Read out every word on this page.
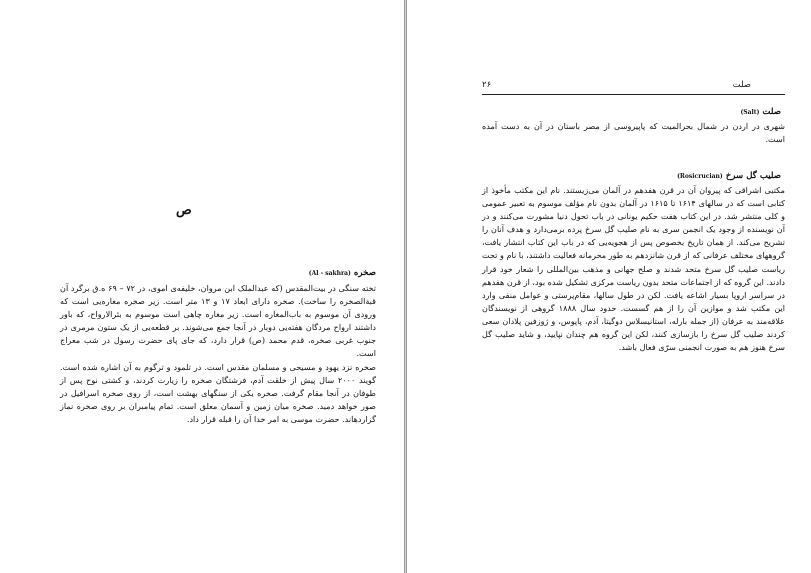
ص
صخره (Al - sakhra)

تخته سنگی در بیت‌المقدس (که عبدالملک ابن مروان، خلیفه‌ی اموی، در ۷۲ – ۶۹ ه.ق برگرد آن قبةالصخره را ساخت). صخره دارای ابعاد ۱۷ و ۱۳ متر است. زیر صخره مغاره‌یی است که ورودی آن موسوم به باب‌المغاره است. زیر مغاره چاهی است موسوم به بئرالارواح، که باور داشتند ارواح مردگان هفته‌یی دوبار در آنجا جمع می‌شوند. بر قطعه‌یی از یک ستون مرمری در جنوب غربی صخره، قدم محمد (ص) قرار دارد، که جای پای حضرت رسول در شب معراج است.

صخره نزد یهود و مسیحی و مسلمان مقدس است. در تلمود و ترگوم به آن اشاره شده است. گویند ۲۰۰۰ سال پیش از خلقت آدم، فرشتگان صخره را زیارت کردند، و کشتی نوح پس از طوفان در آنجا مقام گرفت. صخره یکی از سنگهای بهشت است، از روی صخره اسرافیل در صور خواهد دمید. صخره میان زمین و آسمان معلق است. تمام پیامبران بر روی صخره نماز گزاردهاند. حضرت موسی به امر خدا آن را قبله قرار داد.

۲۶	صلت
صلت (Salt)

شهری در اردن در شمال بحرالمیت که پاپیروسی از مصر باستان در آن به دست آمده است.

صلیب گل سرخ (Rosicrucian)

مکتبی اشراقی که پیروان آن در قرن هفدهم در آلمان می‌زیستند. نام این مکتب مأخوذ از کتابی است که در سالهای ۱۶۱۴ تا ۱۶۱۵ در آلمان بدون نام مؤلف موسوم به تعبیر عمومی و کلی منتشر شد. در این کتاب هفت حکیم یونانی در باب تحول دنیا مشورت می‌کنند و در آن نویسنده از وجود یک انجمن سری به نام صلیب گل سرخ پرده برمی‌دارد و هدف آنان را تشریح می‌کند. از همان تاریخ بخصوص پس از هجویه‌یی که در باب این کتاب انتشار یافت، گروههای مختلف عرفانی که از قرن شانزدهم به طور محرمانه فعالیت داشتند، با نام و تحت ریاست صلیب گل سرخ متحد شدند و صلح جهانی و مذهب بین‌المللی را شعار خود قرار دادند. این گروه که از اجتماعات متحد بدون ریاست مرکزی تشکیل شده بود، از قرن هفدهم در سراسر اروپا بسیار اشاعه یافت. لکن در طول سالها، مقام‌پرستی و عوامل منفی وارد این مکتب شد و موازین آن را از هم گسست. حدود سال ۱۸۸۸ گروهی از نویسندگان علاقه‌مند به عرفان (از جمله بارله، استانیسلاس دوگیتا، آدم، پاپوس، و ژوزفین پلادان سعی کردند صلیب گل سرخ را بازسازی کنند، لکن این گروه هم چندان نپایید، و شاید صلیب گل سرخ هنوز هم به صورت انجمنی سرّی فعال باشد.
